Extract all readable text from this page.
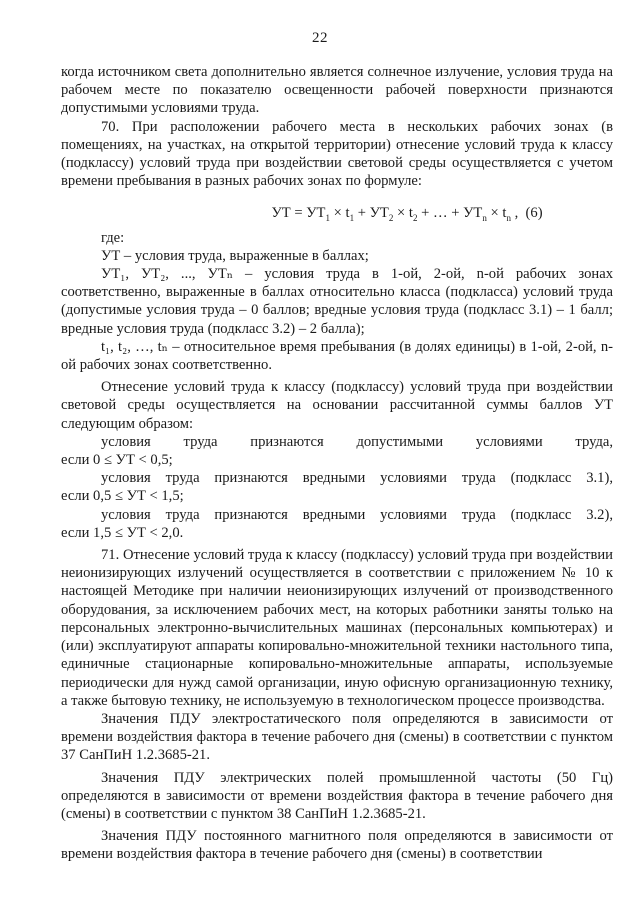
22

когда источником света дополнительно является солнечное излучение, условия труда на рабочем месте по показателю освещенности рабочей поверхности признаются допустимыми условиями труда.

70. При расположении рабочего места в нескольких рабочих зонах (в помещениях, на участках, на открытой территории) отнесение условий труда к классу (подклассу) условий труда при воздействии световой среды осуществляется с учетом времени пребывания в разных рабочих зонах по формуле:

УТ = $УТ_1 \times t_1 + УТ_2 \times t_2$ + … + $УТ_n \times t_n$ , (6)

где:

УТ – условия труда, выраженные в баллах;

УТ₁, УТ₂, ..., УТₙ – условия труда в 1-ой, 2-ой, n-ой рабочих зонах соответственно, выраженные в баллах относительно класса (подкласса) условий труда (допустимые условия труда – 0 баллов; вредные условия труда (подкласс 3.1) – 1 балл; вредные условия труда (подкласс 3.2) – 2 балла);

t₁, t₂, …, tₙ – относительное время пребывания (в долях единицы) в 1-ой, 2-ой, n-ой рабочих зонах соответственно.

Отнесение условий труда к классу (подклассу) условий труда при воздействии световой среды осуществляется на основании рассчитанной суммы баллов УТ следующим образом:

условия труда признаются допустимыми условиями труда,
если 0 ≤ УТ < 0,5;

условия труда признаются вредными условиями труда (подкласс 3.1),
если 0,5 ≤ УТ < 1,5;

условия труда признаются вредными условиями труда (подкласс 3.2),
если 1,5 ≤ УТ < 2,0.

71. Отнесение условий труда к классу (подклассу) условий труда при воздействии неионизирующих излучений осуществляется в соответствии с приложением № 10 к настоящей Методике при наличии неионизирующих излучений от производственного оборудования, за исключением рабочих мест, на которых работники заняты только на персональных электронно-вычислительных машинах (персональных компьютерах) и (или) эксплуатируют аппараты копировально-множительной техники настольного типа, единичные стационарные копировально-множительные аппараты, используемые периодически для нужд самой организации, иную офисную организационную технику, а также бытовую технику, не используемую в технологическом процессе производства.

Значения ПДУ электростатического поля определяются в зависимости от времени воздействия фактора в течение рабочего дня (смены) в соответствии с пунктом 37 СанПиН 1.2.3685-21.

Значения ПДУ электрических полей промышленной частоты (50 Гц) определяются в зависимости от времени воздействия фактора в течение рабочего дня (смены) в соответствии с пунктом 38 СанПиН 1.2.3685-21.

Значения ПДУ постоянного магнитного поля определяются в зависимости от времени воздействия фактора в течение рабочего дня (смены) в соответствии
